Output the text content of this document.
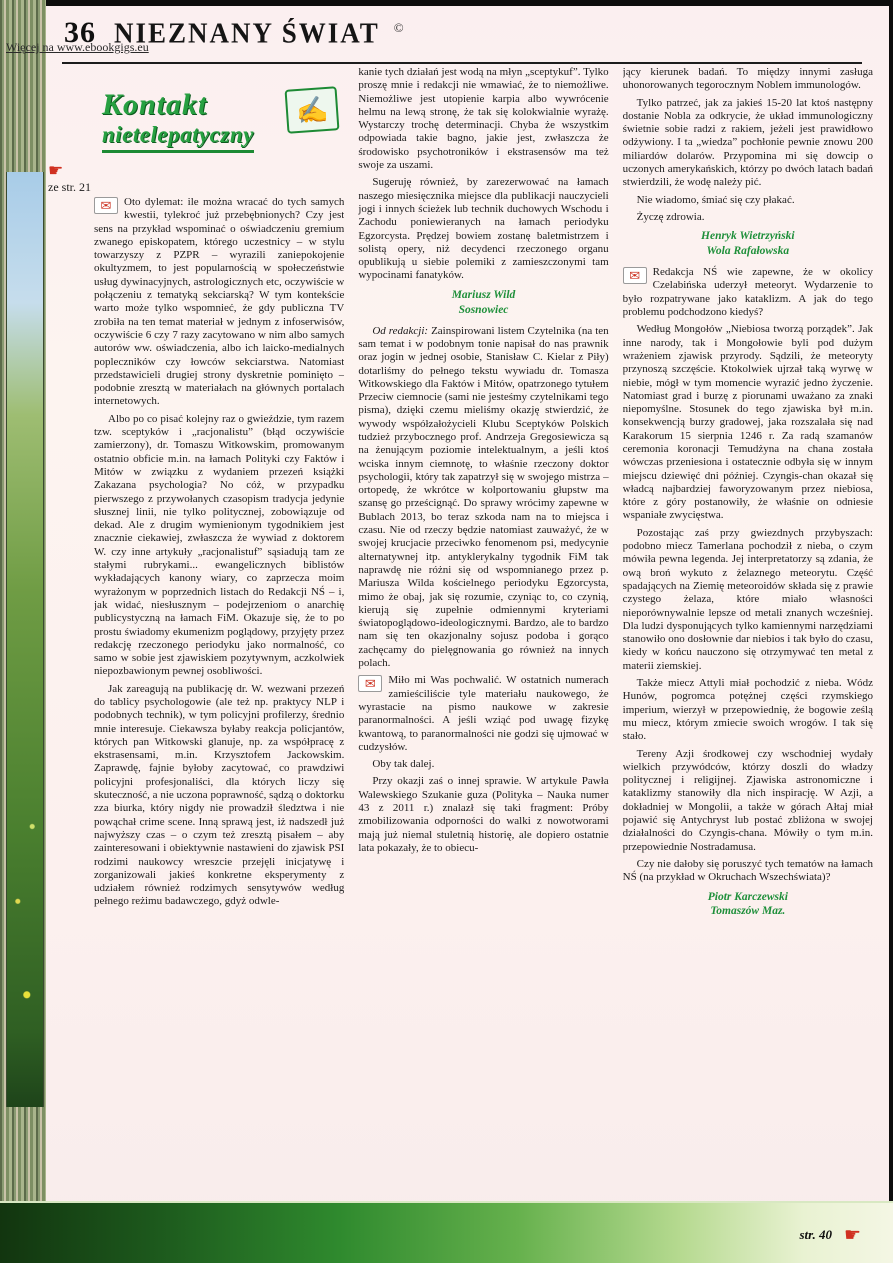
Więcej na www.ebookgigs.eu
36 NIEZNANY ŚWIAT ©
☛
ze str. 21
Kontakt
nietelepatyczny
✍

✉	Oto dylemat: ile można wracać do tych samych kwestii, tylekroć już przebębnionych? Czy jest sens na przykład wspominać o oświadczeniu gremium zwanego episkopatem, którego uczestnicy – w stylu towarzyszy z PZPR – wyrazili zaniepokojenie okultyzmem, to jest popularnością w społeczeństwie usług dywinacyjnych, astrologicznych etc, oczywiście w połączeniu z tematyką sekciarską? W tym kontekście warto może tylko wspomnieć, że gdy publiczna TV zrobiła na ten temat materiał w jednym z infoserwisów, oczywiście 6 czy 7 razy zacytowano w nim albo samych autorów ww. oświadczenia, albo ich laicko-medialnych popleczników czy łowców sekciarstwa. Natomiast przedstawicieli drugiej strony dyskretnie pominięto – podobnie zresztą w materiałach na głównych portalach internetowych.

Albo po co pisać kolejny raz o gwieździe, tym razem tzw. sceptyków i „racjonalistu” (błąd oczywiście zamierzony), dr. Tomaszu Witkowskim, promowanym ostatnio obficie m.in. na łamach Polityki czy Faktów i Mitów w związku z wydaniem przezeń książki Zakazana psychologia? No cóż, w przypadku pierwszego z przywołanych czasopism tradycja jedynie słusznej linii, nie tylko politycznej, zobowiązuje od dekad. Ale z drugim wymienionym tygodnikiem jest znacznie ciekawiej, zwłaszcza że wywiad z doktorem W. czy inne artykuły „racjonalistuf” sąsiadują tam ze stałymi rubrykami... ewangelicznych biblistów wykładających kanony wiary, co zaprzecza moim wyrażonym w poprzednich listach do Redakcji NŚ – i, jak widać, niesłusznym – podejrzeniom o anarchię publicystyczną na łamach FiM. Okazuje się, że to po prostu świadomy ekumenizm poglądowy, przyjęty przez redakcję rzeczonego periodyku jako normalność, co samo w sobie jest zjawiskiem pozytywnym, aczkolwiek niepozbawionym pewnej osobliwości.

Jak zareagują na publikację dr. W. wezwani przezeń do tablicy psychologowie (ale też np. praktycy NLP i podobnych technik), w tym policyjni profilerzy, średnio mnie interesuje. Ciekawsza byłaby reakcja policjantów, których pan Witkowski glanuje, np. za współpracę z ekstrasensami, m.in. Krzysztofem Jackowskim. Zaprawdę, fajnie byłoby zacytować, co prawdziwi policyjni profesjonaliści, dla których liczy się skuteczność, a nie uczona poprawność, sądzą o doktorku zza biurka, który nigdy nie prowadził śledztwa i nie powąchał crime scene. Inną sprawą jest, iż nadszedł już najwyższy czas – o czym też zresztą pisałem – aby zainteresowani i obiektywnie nastawieni do zjawisk PSI rodzimi naukowcy wreszcie przejęli inicjatywę i zorganizowali jakieś konkretne eksperymenty z udziałem również rodzimych sensytywów według pełnego reżimu badawczego, gdyż odwle-

kanie tych działań jest wodą na młyn „sceptykuf”. Tylko proszę mnie i redakcji nie wmawiać, że to niemożliwe. Niemożliwe jest utopienie karpia albo wywrócenie helmu na lewą stronę, że tak się kolokwialnie wyrażę. Wystarczy trochę determinacji. Chyba że wszystkim odpowiada takie bagno, jakie jest, zwłaszcza że środowisko psychotroników i ekstrasensów ma też swoje za uszami.

Sugeruję również, by zarezerwować na łamach naszego miesięcznika miejsce dla publikacji nauczycieli jogi i innych ścieżek lub technik duchowych Wschodu i Zachodu poniewieranych na łamach periodyku Egzorcysta. Prędzej bowiem zostanę baletmistrzem i solistą opery, niż decydenci rzeczonego organu opublikują u siebie polemiki z zamieszczonymi tam wypocinami fanatyków.

Mariusz Wild
Sosnowiec

Od redakcji: Zainspirowani listem Czytelnika (na ten sam temat i w podobnym tonie napisał do nas prawnik oraz jogin w jednej osobie, Stanisław C. Kielar z Piły) dotarliśmy do pełnego tekstu wywiadu dr. Tomasza Witkowskiego dla Faktów i Mitów, opatrzonego tytułem Przeciw ciemnocie (sami nie jesteśmy czytelnikami tego pisma), dzięki czemu mieliśmy okazję stwierdzić, że wywody współzałożycieli Klubu Sceptyków Polskich tudzież przybocznego prof. Andrzeja Gregosiewicza są na żenującym poziomie intelektualnym, a jeśli ktoś wciska innym ciemnotę, to właśnie rzeczony doktor psychologii, który tak zapatrzył się w swojego mistrza – ortopedę, że wkrótce w kolportowaniu głupstw ma szansę go prześcignąć. Do sprawy wrócimy zapewne w Bublach 2013, bo teraz szkoda nam na to miejsca i czasu. Nie od rzeczy będzie natomiast zauważyć, że w swojej krucjacie przeciwko fenomenom psi, medycynie alternatywnej itp. antyklerykalny tygodnik FiM tak naprawdę nie różni się od wspomnianego przez p. Mariusza Wilda kościelnego periodyku Egzorcysta, mimo że obaj, jak się rozumie, czyniąc to, co czynią, kierują się zupełnie odmiennymi kryteriami światopoglądowo-ideologicznymi. Bardzo, ale to bardzo nam się ten okazjonalny sojusz podoba i gorąco zachęcamy do pielęgnowania go również na innych polach.

✉	Miło mi Was pochwalić. W ostatnich numerach zamieściliście tyle materiału naukowego, że wyrastacie na pismo naukowe w zakresie paranormalności. A jeśli wziąć pod uwagę fizykę kwantową, to paranormalności nie godzi się ujmować w cudzysłów.

Oby tak dalej.

Przy okazji zaś o innej sprawie. W artykule Pawła Walewskiego Szukanie guza (Polityka – Nauka numer 43 z 2011 r.) znalazł się taki fragment: Próby zmobilizowania odporności do walki z nowotworami mają już niemal stuletnią historię, ale dopiero ostatnie lata pokazały, że to obiecu-

jący kierunek badań. To między innymi zasługa uhonorowanych tegorocznym Noblem immunologów.

Tylko patrzeć, jak za jakieś 15-20 lat ktoś następny dostanie Nobla za odkrycie, że układ immunologiczny świetnie sobie radzi z rakiem, jeżeli jest prawidłowo odżywiony. I ta „wiedza” pochłonie pewnie znowu 200 miliardów dolarów. Przypomina mi się dowcip o uczonych amerykańskich, którzy po dwóch latach badań stwierdzili, że wodę należy pić.

Nie wiadomo, śmiać się czy płakać.

Życzę zdrowia.

Henryk Wietrzyński
Wola Rafałowska

✉	Redakcja NŚ wie zapewne, że w okolicy Czelabińska uderzył meteoryt. Wydarzenie to było rozpatrywane jako kataklizm. A jak do tego problemu podchodzono kiedyś?

Według Mongołów „Niebiosa tworzą porządek”. Jak inne narody, tak i Mongołowie byli pod dużym wrażeniem zjawisk przyrody. Sądzili, że meteoryty przynoszą szczęście. Ktokolwiek ujrzał taką wyrwę w niebie, mógł w tym momencie wyrazić jedno życzenie. Natomiast grad i burzę z piorunami uważano za znaki niepomyślne. Stosunek do tego zjawiska był m.in. konsekwencją burzy gradowej, jaka rozszalała się nad Karakorum 15 sierpnia 1246 r. Za radą szamanów ceremonia koronacji Temudżyna na chana została wówczas przeniesiona i ostatecznie odbyła się w innym miejscu dziewięć dni później. Czyngis-chan okazał się władcą najbardziej faworyzowanym przez niebiosa, które z góry postanowiły, że właśnie on odniesie wspaniałe zwycięstwa.

Pozostając zaś przy gwiezdnych przybyszach: podobno miecz Tamerlana pochodził z nieba, o czym mówiła pewna legenda. Jej interpretatorzy są zdania, że ową broń wykuto z żelaznego meteorytu. Część spadających na Ziemię meteoroidów składa się z prawie czystego żelaza, które miało własności nieporównywalnie lepsze od metali znanych wcześniej. Dla ludzi dysponujących tylko kamiennymi narzędziami stanowiło ono dosłownie dar niebios i tak było do czasu, kiedy w końcu nauczono się otrzymywać ten metal z materii ziemskiej.

Także miecz Attyli miał pochodzić z nieba. Wódz Hunów, pogromca potężnej części rzymskiego imperium, wierzył w przepowiednię, że bogowie ześlą mu miecz, którym zmiecie swoich wrogów. I tak się stało.

Tereny Azji środkowej czy wschodniej wydały wielkich przywódców, którzy doszli do władzy politycznej i religijnej. Zjawiska astronomiczne i kataklizmy stanowiły dla nich inspirację. W Azji, a dokładniej w Mongolii, a także w górach Ałtaj miał pojawić się Antychryst lub postać zbliżona w swojej działalności do Czyngis-chana. Mówiły o tym m.in. przepowiednie Nostradamusa.

Czy nie dałoby się poruszyć tych tematów na łamach NŚ (na przykład w Okruchach Wszechświata)?

Piotr Karczewski
Tomaszów Maz.
str. 40 ☛
